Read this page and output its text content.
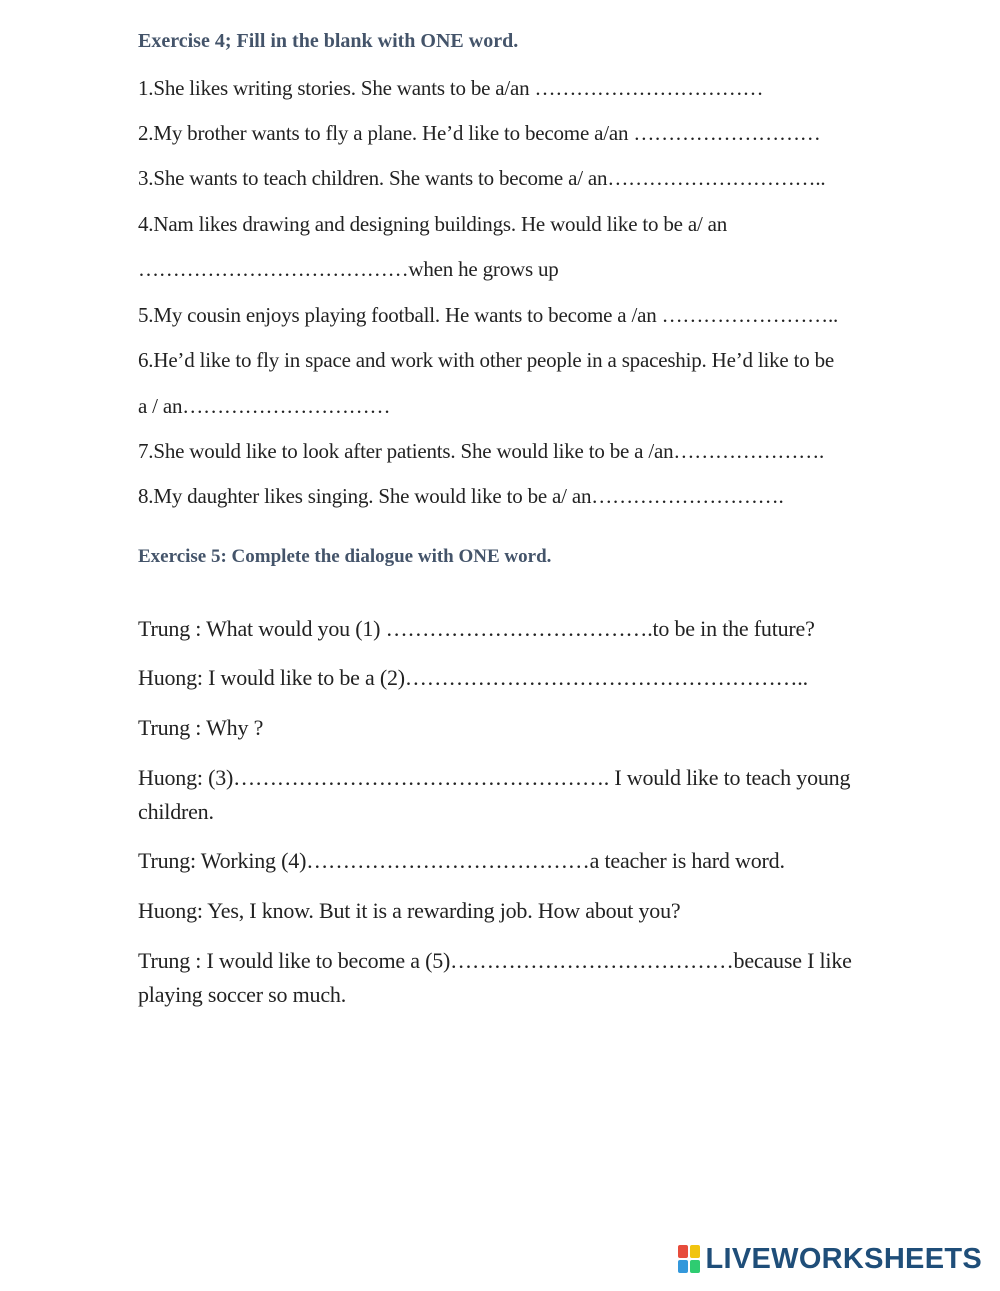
Exercise 4; Fill in the blank with ONE word.
1.She likes writing stories. She wants to be a/an ……………………………
2.My brother wants to fly a plane. He’d like to become a/an ………………………
3.She wants to teach children. She wants to become a/ an…………………………..
4.Nam likes drawing and designing buildings. He would like to be a/ an
…………………………………when he grows up
5.My cousin enjoys playing football. He wants to become a /an ……………………..
6.He’d like to fly in space and work with other people in a spaceship. He’d like to be
a / an…………………………
7.She would like to look after patients. She would like to be a /an………………….
8.My daughter likes singing. She would like to be a/ an……………………….
Exercise 5: Complete the dialogue with ONE word.
Trung : What would you (1) ……………………………….to be in the future?
Huong: I would like to be a (2)………………………………………………..
Trung : Why ?
Huong: (3)……………………………………………. I would like to teach young
children.
Trung: Working (4)…………………………………a teacher is hard word.
Huong: Yes, I know. But it is a rewarding job. How about you?
Trung : I would like to become a (5)…………………………………because I like
playing soccer so much.
LIVEWORKSHEETS
